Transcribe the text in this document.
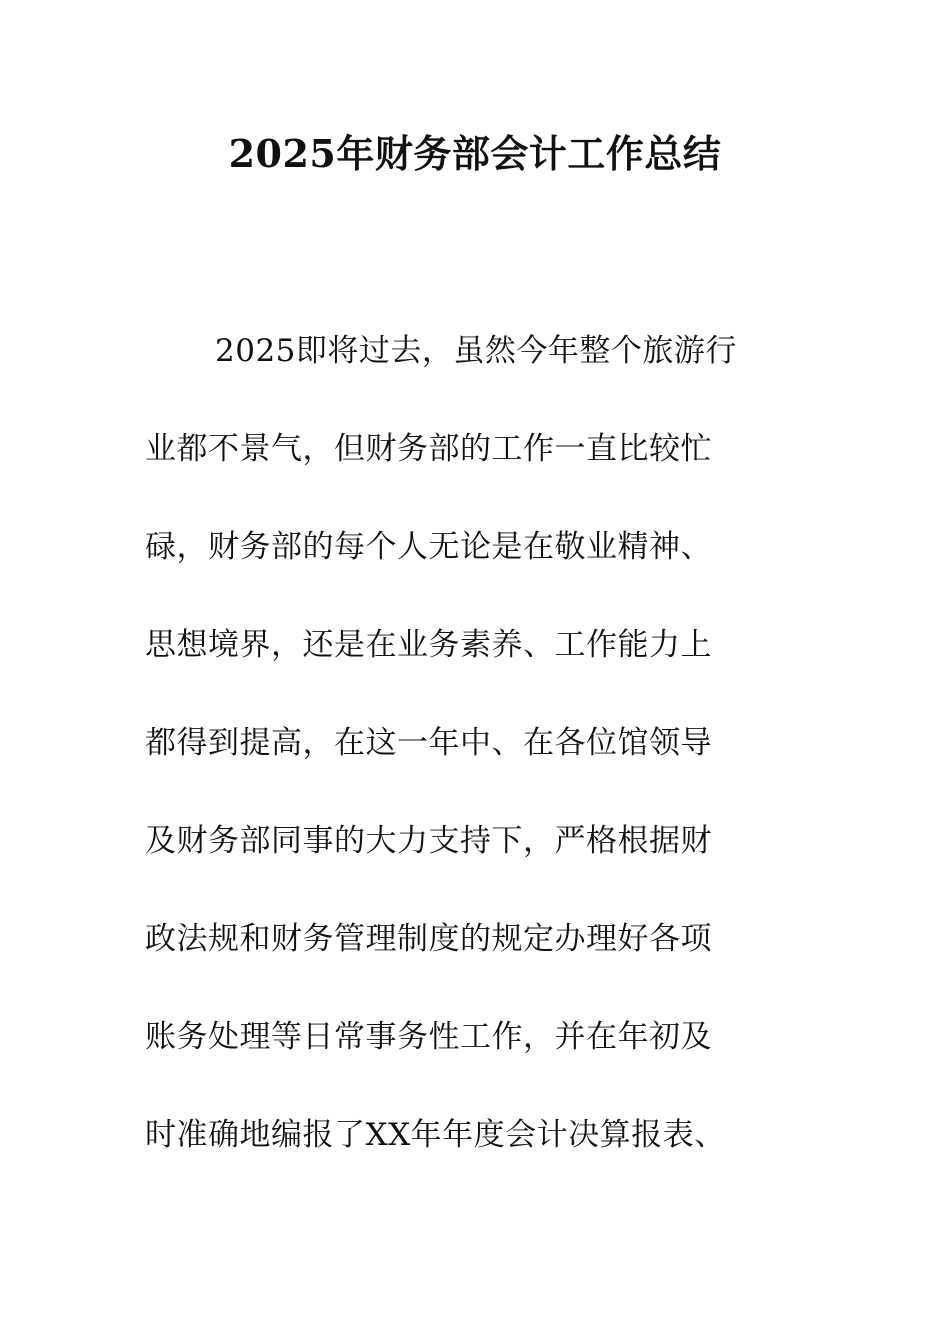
2025年财务部会计工作总结
2025即将过去，虽然今年整个旅游行
业都不景气，但财务部的工作一直比较忙
碌，财务部的每个人无论是在敬业精神、
思想境界，还是在业务素养、工作能力上
都得到提高，在这一年中、在各位馆领导
及财务部同事的大力支持下，严格根据财
政法规和财务管理制度的规定办理好各项
账务处理等日常事务性工作，并在年初及
时准确地编报了XX年年度会计决算报表、
